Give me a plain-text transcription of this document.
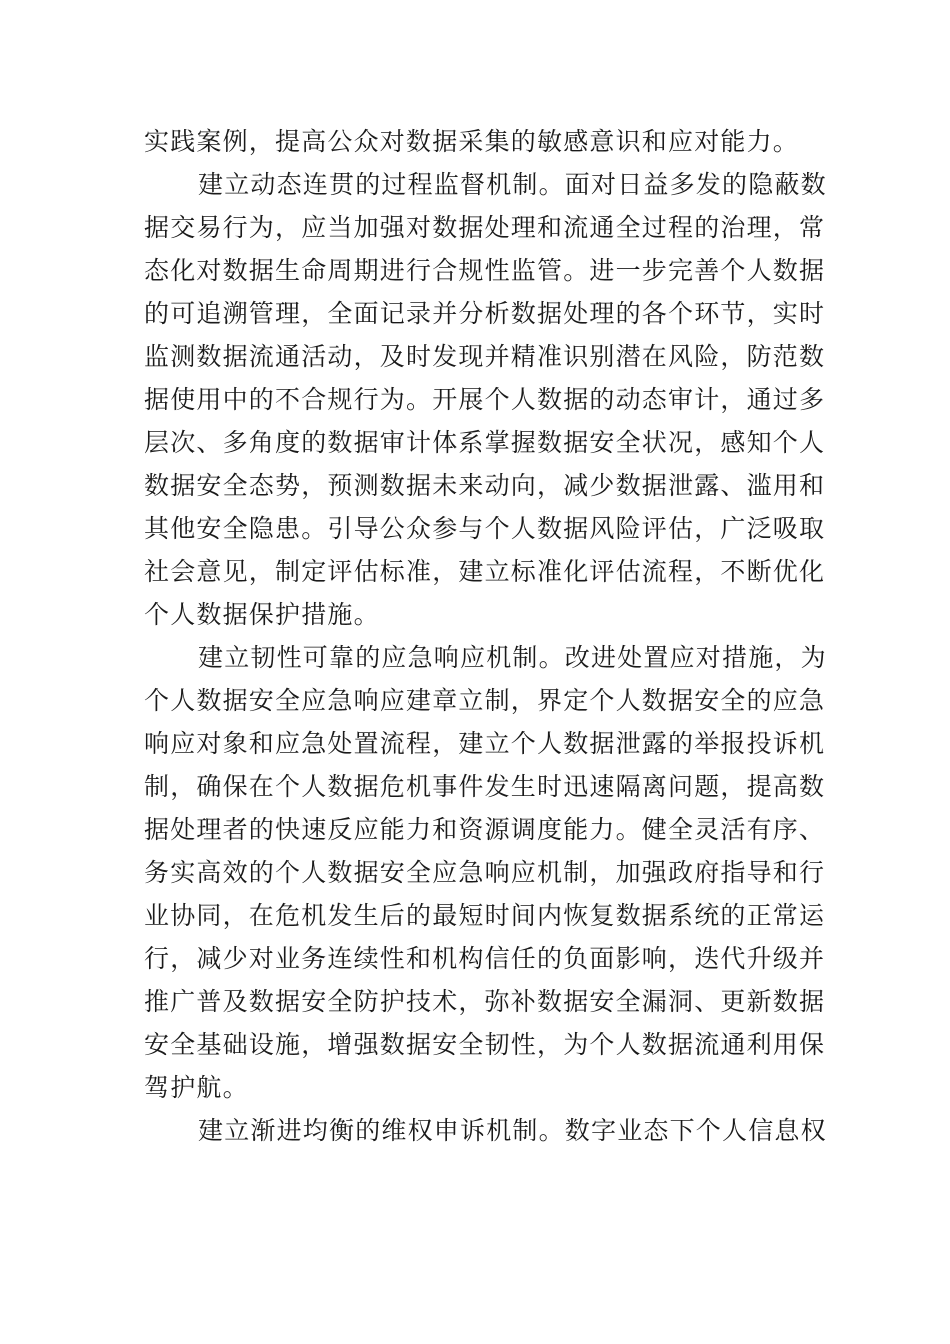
实践案例，提高公众对数据采集的敏感意识和应对能力。
建立动态连贯的过程监督机制。面对日益多发的隐蔽数
据交易行为，应当加强对数据处理和流通全过程的治理，常
态化对数据生命周期进行合规性监管。进一步完善个人数据
的可追溯管理，全面记录并分析数据处理的各个环节，实时
监测数据流通活动，及时发现并精准识别潜在风险，防范数
据使用中的不合规行为。开展个人数据的动态审计，通过多
层次、多角度的数据审计体系掌握数据安全状况，感知个人
数据安全态势，预测数据未来动向，减少数据泄露、滥用和
其他安全隐患。引导公众参与个人数据风险评估，广泛吸取
社会意见，制定评估标准，建立标准化评估流程，不断优化
个人数据保护措施。
建立韧性可靠的应急响应机制。改进处置应对措施，为
个人数据安全应急响应建章立制，界定个人数据安全的应急
响应对象和应急处置流程，建立个人数据泄露的举报投诉机
制，确保在个人数据危机事件发生时迅速隔离问题，提高数
据处理者的快速反应能力和资源调度能力。健全灵活有序、
务实高效的个人数据安全应急响应机制，加强政府指导和行
业协同，在危机发生后的最短时间内恢复数据系统的正常运
行，减少对业务连续性和机构信任的负面影响，迭代升级并
推广普及数据安全防护技术，弥补数据安全漏洞、更新数据
安全基础设施，增强数据安全韧性，为个人数据流通利用保
驾护航。
建立渐进均衡的维权申诉机制。数字业态下个人信息权
